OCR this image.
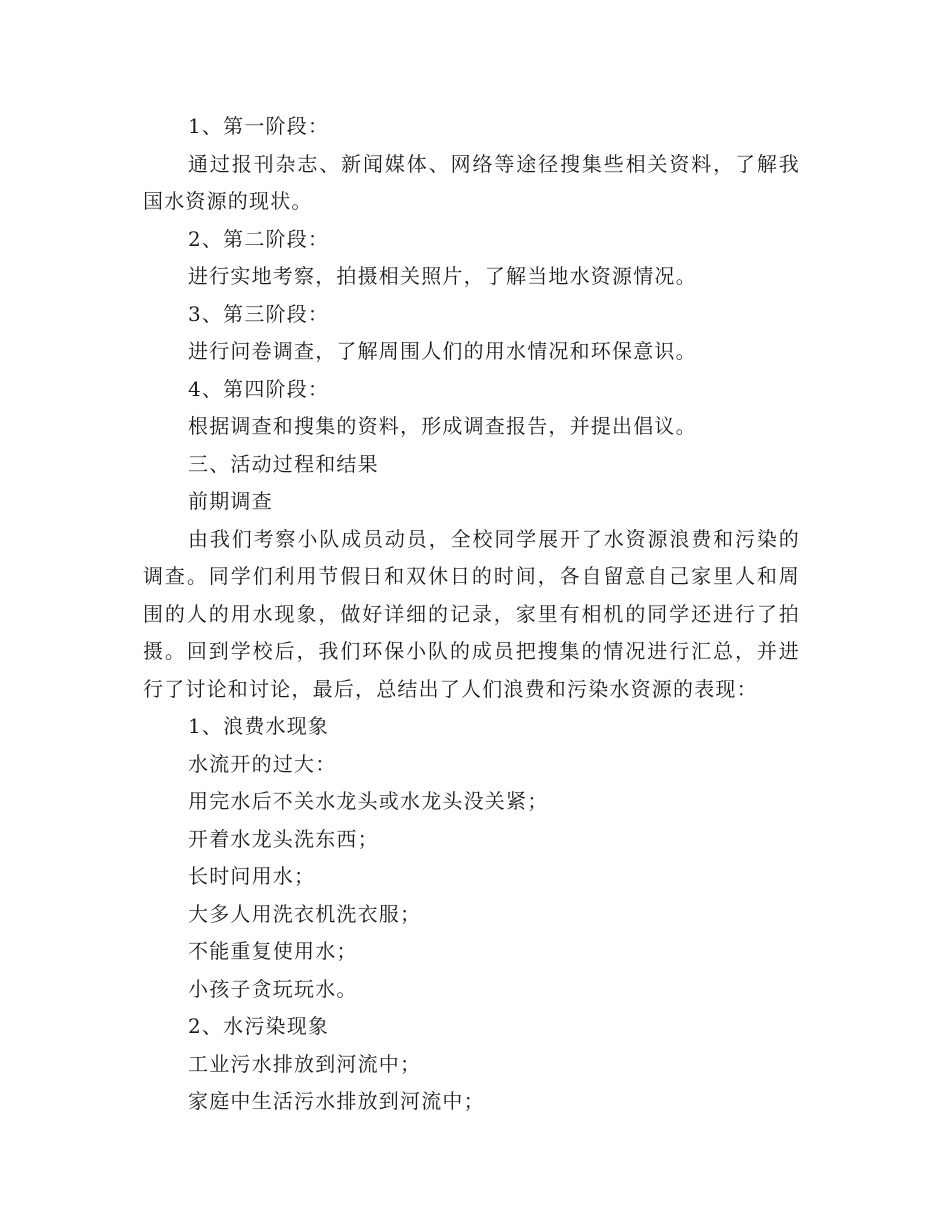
1、第一阶段：

通过报刊杂志、新闻媒体、网络等途径搜集些相关资料，了解我国水资源的现状。

2、第二阶段：

进行实地考察，拍摄相关照片，了解当地水资源情况。

3、第三阶段：

进行问卷调查，了解周围人们的用水情况和环保意识。

4、第四阶段：

根据调查和搜集的资料，形成调查报告，并提出倡议。

三、活动过程和结果

前期调查

由我们考察小队成员动员，全校同学展开了水资源浪费和污染的调查。同学们利用节假日和双休日的时间，各自留意自己家里人和周围的人的用水现象，做好详细的记录，家里有相机的同学还进行了拍摄。回到学校后，我们环保小队的成员把搜集的情况进行汇总，并进行了讨论和讨论，最后，总结出了人们浪费和污染水资源的表现：

1、浪费水现象

水流开的过大：

用完水后不关水龙头或水龙头没关紧；

开着水龙头洗东西；

长时问用水；

大多人用洗衣机洗衣服；

不能重复使用水；

小孩子贪玩玩水。

2、水污染现象

工业污水排放到河流中；

家庭中生活污水排放到河流中；
